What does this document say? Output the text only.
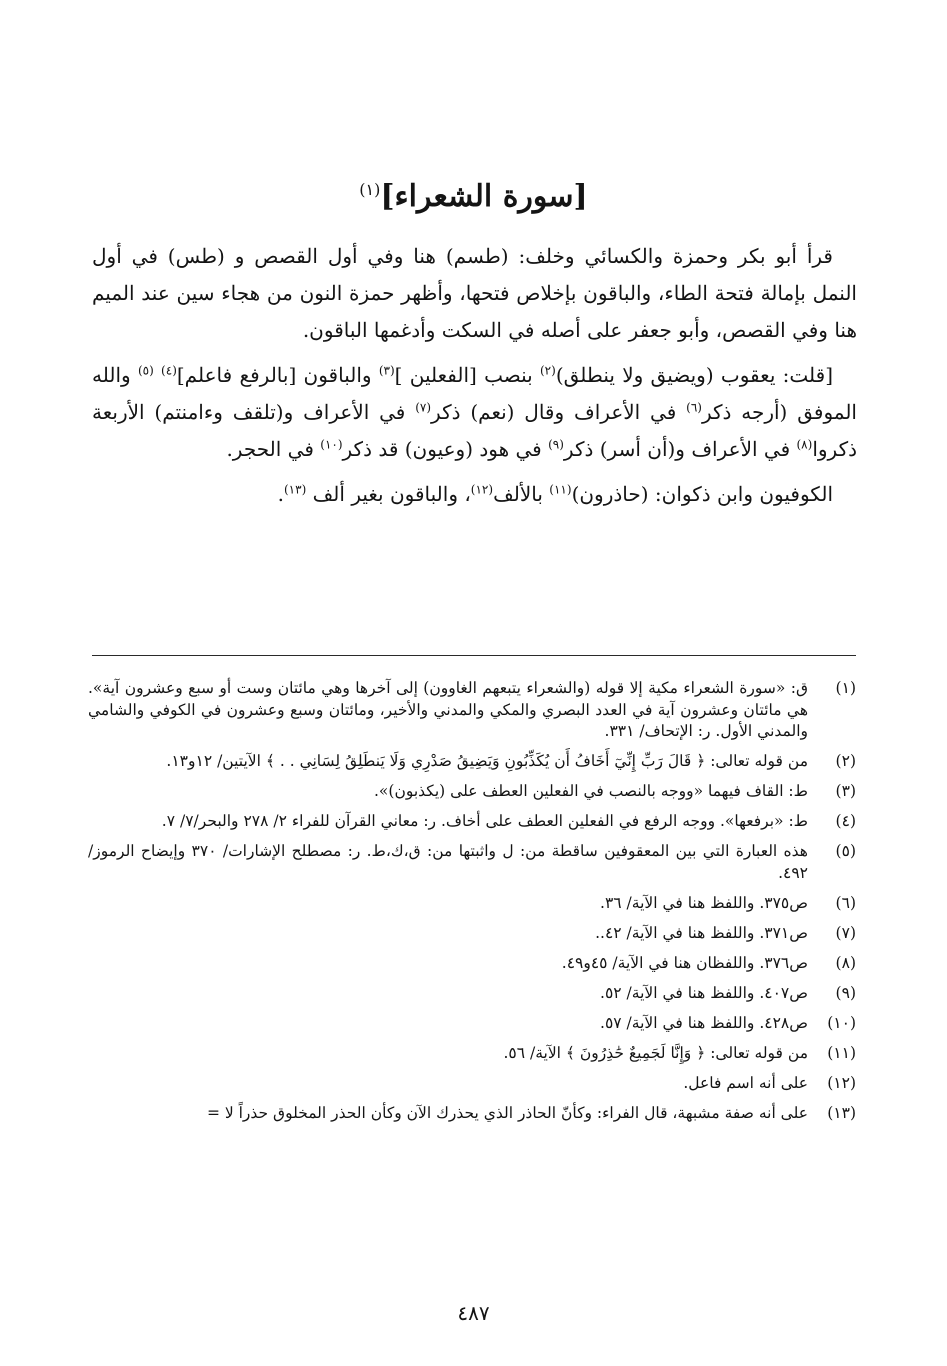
[سورة الشعراء]$^{(١)}$

قرأ أبو بكر وحمزة والكسائي وخلف: (طسم) هنا وفي أول القصص و (طس) في أول النمل بإمالة فتحة الطاء، والباقون بإخلاص فتحها، وأظهر حمزة النون من هجاء سين عند الميم هنا وفي القصص، وأبو جعفر على أصله في السكت وأدغمها الباقون.

[قلت: يعقوب (ويضيق ولا ينطلق)$^{(٢)}$ بنصب [الفعلين ]$^{(٣)}$ والباقون [بالرفع فاعلم]$^{(٤)}$ $^{(٥)}$ والله الموفق (أرجه ذكر$^{(٦)}$ في الأعراف وقال (نعم) ذكر$^{(٧)}$ في الأعراف و(تلقف وءامنتم) الأربعة ذكروا$^{(٨)}$ في الأعراف و(أن أسر) ذكر$^{(٩)}$ في هود (وعيون) قد ذكر$^{(١٠)}$ في الحجر.

الكوفيون وابن ذكوان: (حاذرون)$^{(١١)}$ بالألف$^{(١٢)}$، والباقون بغير ألف $^{(١٣)}$.

(١)
ق: «سورة الشعراء مكية إلا قوله (والشعراء يتبعهم الغاوون) إلى آخرها وهي مائتان وست أو سبع وعشرون آية». هي مائتان وعشرون آية في العدد البصري والمكي والمدني والأخير، ومائتان وسبع وعشرون في الكوفي والشامي والمدني الأول. ر: الإتحاف/ ٣٣١.
(٢)
من قوله تعالى: ﴿ قَالَ رَبِّ إِنِّيٓ أَخَافُ أَن يُكَذِّبُونِ وَيَضِيقُ صَدْرِي وَلَا يَنطَلِقُ لِسَانِي . . ﴾ الآيتين/ ١٢و١٣.
(٣)
ط: القاف فيهما «ووجه بالنصب في الفعلين العطف على (يكذبون)».
(٤)
ط: «برفعها». ووجه الرفع في الفعلين العطف على أخاف. ر: معاني القرآن للفراء ٢/ ٢٧٨ والبحر/٧/ ٧.
(٥)
هذه العبارة التي بين المعقوفين ساقطة من: ل واثبتها من: ق،ك،ط. ر: مصطلح الإشارات/ ٣٧٠ وإيضاح الرموز/ ٤٩٢.
(٦)
ص٣٧٥. واللفظ هنا في الآية/ ٣٦.
(٧)
ص٣٧١. واللفظ هنا في الآية/ ٤٢..
(٨)
ص٣٧٦. واللفظان هنا في الآية/ ٤٥و٤٩.
(٩)
ص٤٠٧. واللفظ هنا في الآية/ ٥٢.
(١٠)
ص٤٢٨. واللفظ هنا في الآية/ ٥٧.
(١١)
من قوله تعالى: ﴿ وَإِنَّا لَجَمِيعٌ حَٰذِرُونَ ﴾ الآية/ ٥٦.
(١٢)
على أنه اسم فاعل.
(١٣)
على أنه صفة مشبهة، قال الفراء: وكأنّ الحاذر الذي يحذرك الآن وكأن الحذر المخلوق حذراً لا =
٤٨٧
